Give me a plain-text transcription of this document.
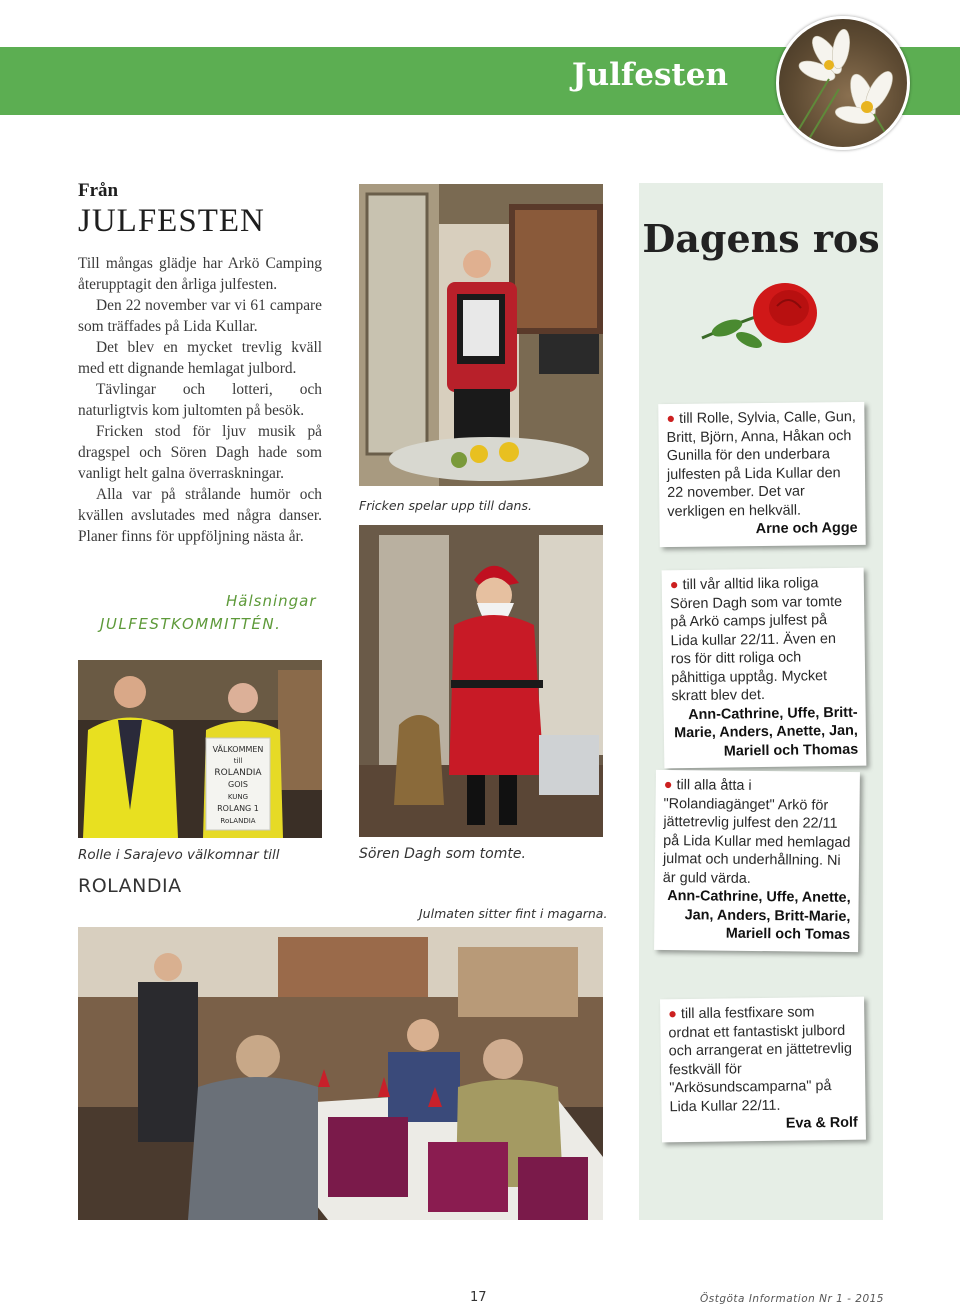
Julfesten
Från
JULFESTEN

Till mångas glädje har Arkö Camping återupptagit den årliga julfesten.

Den 22 november var vi 61 campare som träffades på Lida Kullar.

Det blev en mycket trevlig kväll med ett dignande hemlagat julbord.

Tävlingar och lotteri, och naturligtvis kom jultomten på besök.

Fricken stod för ljuv musik på dragspel och Sören Dagh hade som vanligt helt galna överraskningar.

Alla var på strålande humör och kvällen avslutades med några danser. Planer finns för uppföljning nästa år.

Hälsningar
JULFESTKOMMITTÉN.
Fricken spelar upp till dans.
Sören Dagh som tomte.
VÄLKOMMEN
till
ROLANDIA
GOIS
KUNG
ROLANG 1
RoLANDIA
Rolle i Sarajevo välkomnar till
ROLANDIA
Julmaten sitter fint i magarna.
Dagens ros
● till Rolle, Sylvia, Calle, Gun, Britt, Björn, Anna, Håkan och Gunilla för den underbara julfesten på Lida Kullar den 22 november. Det var verkligen en helkväll.
Arne och Agge
● till vår alltid lika roliga Sören Dagh som var tomte på Arkö camps julfest på Lida kullar 22/11. Även en ros för ditt roliga och påhittiga upptåg. Mycket skratt blev det.
Ann-Cathrine, Uffe, Britt-Marie, Anders, Anette, Jan, Mariell och Thomas
● till alla åtta i "Rolandiagänget" Arkö för jättetrevlig julfest den 22/11 på Lida Kullar med hemlagad julmat och underhållning. Ni är guld värda.
Ann-Cathrine, Uffe, Anette, Jan, Anders, Britt-Marie, Mariell och Tomas
● till alla festfixare som ordnat ett fantastiskt julbord och arrangerat en jättetrevlig festkväll för "Arkösundscamparna" på Lida Kullar 22/11.
Eva & Rolf
17	Östgöta Information Nr 1 - 2015
